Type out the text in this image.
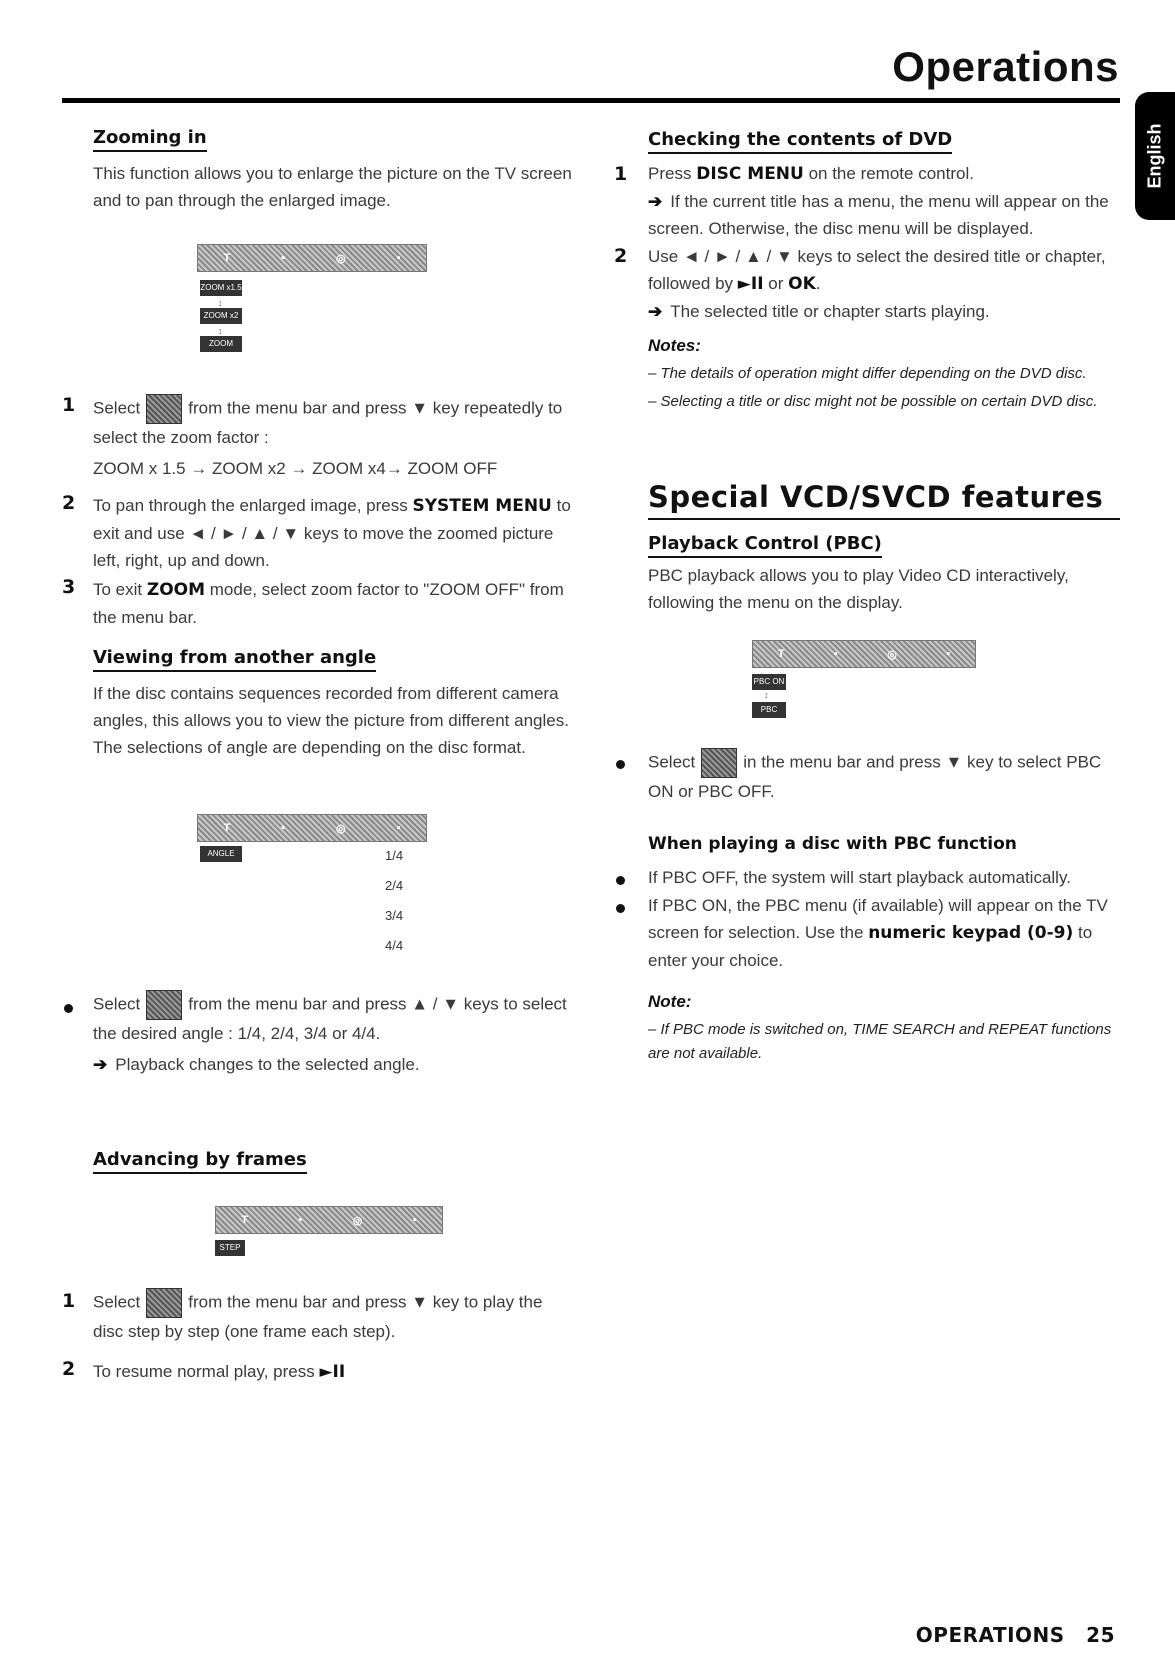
Operations
English
Zooming in

This function allows you to enlarge the picture on the TV screen and to pan through the enlarged image.

T	▪	◎	▪
ZOOM x1.5
↕
ZOOM x2
↕
ZOOM OFF
1 Select	from the menu bar and press ▼ key repeatedly to select the zoom factor :

ZOOM x 1.5 → ZOOM x2 → ZOOM x4→ ZOOM OFF

2 To pan through the enlarged image, press SYSTEM MENU to exit and use ◄ / ► / ▲ / ▼ keys to move the zoomed picture left, right, up and down.

3 To exit ZOOM mode, select zoom factor to "ZOOM OFF" from the menu bar.

Viewing from another angle

If the disc contains sequences recorded from different camera angles, this allows you to view the picture from different angles. The selections of angle are depending on the disc format.

T	▪	◎	▪
ANGLE	1/4
2/4
3/4
4/4

Select	from the menu bar and press ▲ / ▼ keys to select the desired angle : 1/4, 2/4, 3/4 or 4/4.

➔ Playback changes to the selected angle.

Advancing by frames
T	▪	◎	▪
STEP
1 Select	from the menu bar and press ▼ key to play the disc step by step (one frame each step).

2 To resume normal play, press ►II

Checking the contents of DVD
1 Press DISC MENU on the remote control.

➔ If the current title has a menu, the menu will appear on the screen. Otherwise, the disc menu will be displayed.

2 Use ◄ / ► / ▲ / ▼ keys to select the desired title or chapter, followed by ►II or OK.

➔ The selected title or chapter starts playing.

Notes:

– The details of operation might differ depending on the DVD disc.

– Selecting a title or disc might not be possible on certain DVD disc.

Special VCD/SVCD features
Playback Control (PBC)

PBC playback allows you to play Video CD interactively, following the menu on the display.

T	▪	◎	▪
PBC ON
↕
PBC OFF

Select	in the menu bar and press ▼ key to select PBC ON or PBC OFF.

When playing a disc with PBC function

If PBC OFF, the system will start playback automatically.

If PBC ON, the PBC menu (if available) will appear on the TV screen for selection. Use the numeric keypad (0-9) to enter your choice.

Note:

– If PBC mode is switched on, TIME SEARCH and REPEAT functions are not available.

OPERATIONS 25
